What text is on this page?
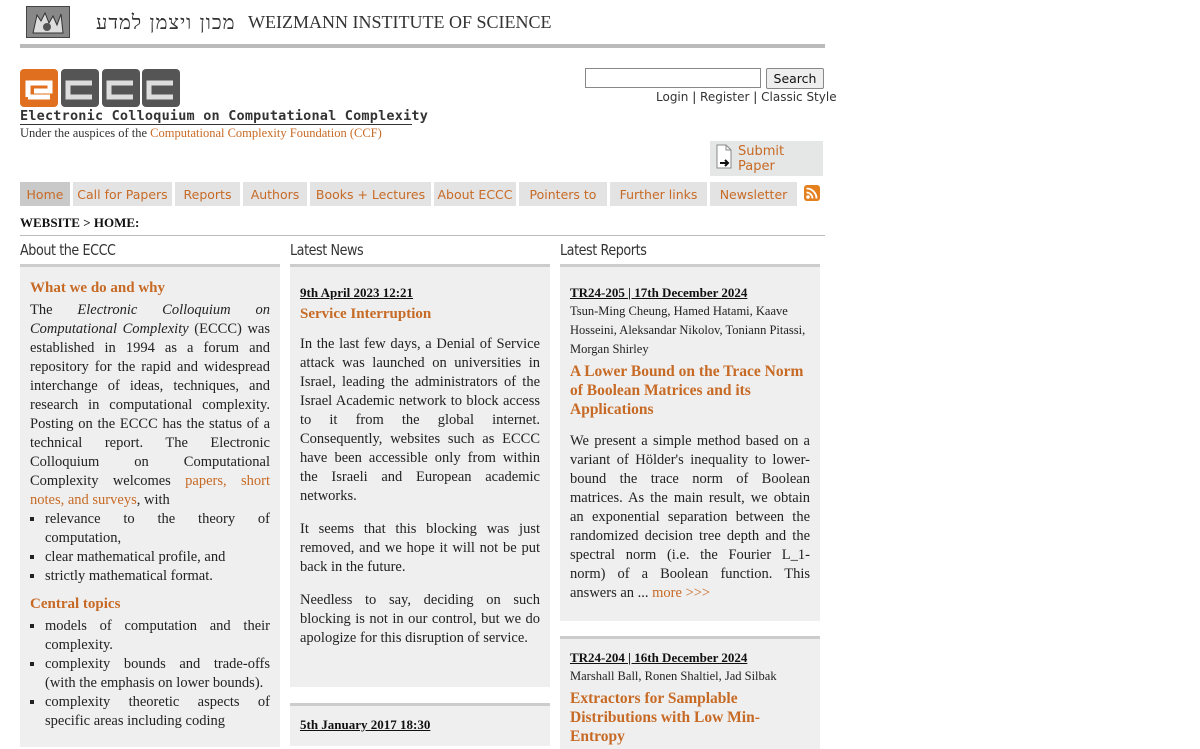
מכון ויצמן למדע WEIZMANN INSTITUTE OF SCIENCE
Electronic Colloquium on Computational Complexity
Under the auspices of the Computational Complexity Foundation (CCF)
Search
Login | Register | Classic Style
Submit Paper
Home	Call for Papers	Reports	Authors	Books + Lectures About ECCC	Pointers to	Further links	Newsletter
WEBSITE > HOME:
About the ECCC

What we do and why

The Electronic Colloquium on Computational Complexity (ECCC) was established in 1994 as a forum and repository for the rapid and widespread interchange of ideas, techniques, and research in computational complexity. Posting on the ECCC has the status of a technical report. The Electronic Colloquium on Computational Complexity welcomes papers, short notes, and surveys, with

▪ relevance to the theory of computation,
▪ clear mathematical profile, and
▪ strictly mathematical format.

Central topics

▪ models of computation and their complexity.
▪ complexity bounds and trade-offs (with the emphasis on lower bounds).
▪ complexity theoretic aspects of specific areas including coding
Latest News
9th April 2023 12:21
Service Interruption

In the last few days, a Denial of Service attack was launched on universities in Israel, leading the administrators of the Israel Academic network to block access to it from the global internet. Consequently, websites such as ECCC have been accessible only from within the Israeli and European academic networks.

It seems that this blocking was just removed, and we hope it will not be put back in the future.

Needless to say, deciding on such blocking is not in our control, but we do apologize for this disruption of service.

5th January 2017 18:30
Latest Reports
TR24-205 | 17th December 2024
Tsun-Ming Cheung, Hamed Hatami, Kaave Hosseini, Aleksandar Nikolov, Toniann Pitassi, Morgan Shirley
A Lower Bound on the Trace Norm of Boolean Matrices and its Applications

We present a simple method based on a variant of Hölder's inequality to lower-bound the trace norm of Boolean matrices. As the main result, we obtain an exponential separation between the randomized decision tree depth and the spectral norm (i.e. the Fourier L_1-norm) of a Boolean function. This answers an ... more >>>

TR24-204 | 16th December 2024
Marshall Ball, Ronen Shaltiel, Jad Silbak
Extractors for Samplable Distributions with Low Min-Entropy
